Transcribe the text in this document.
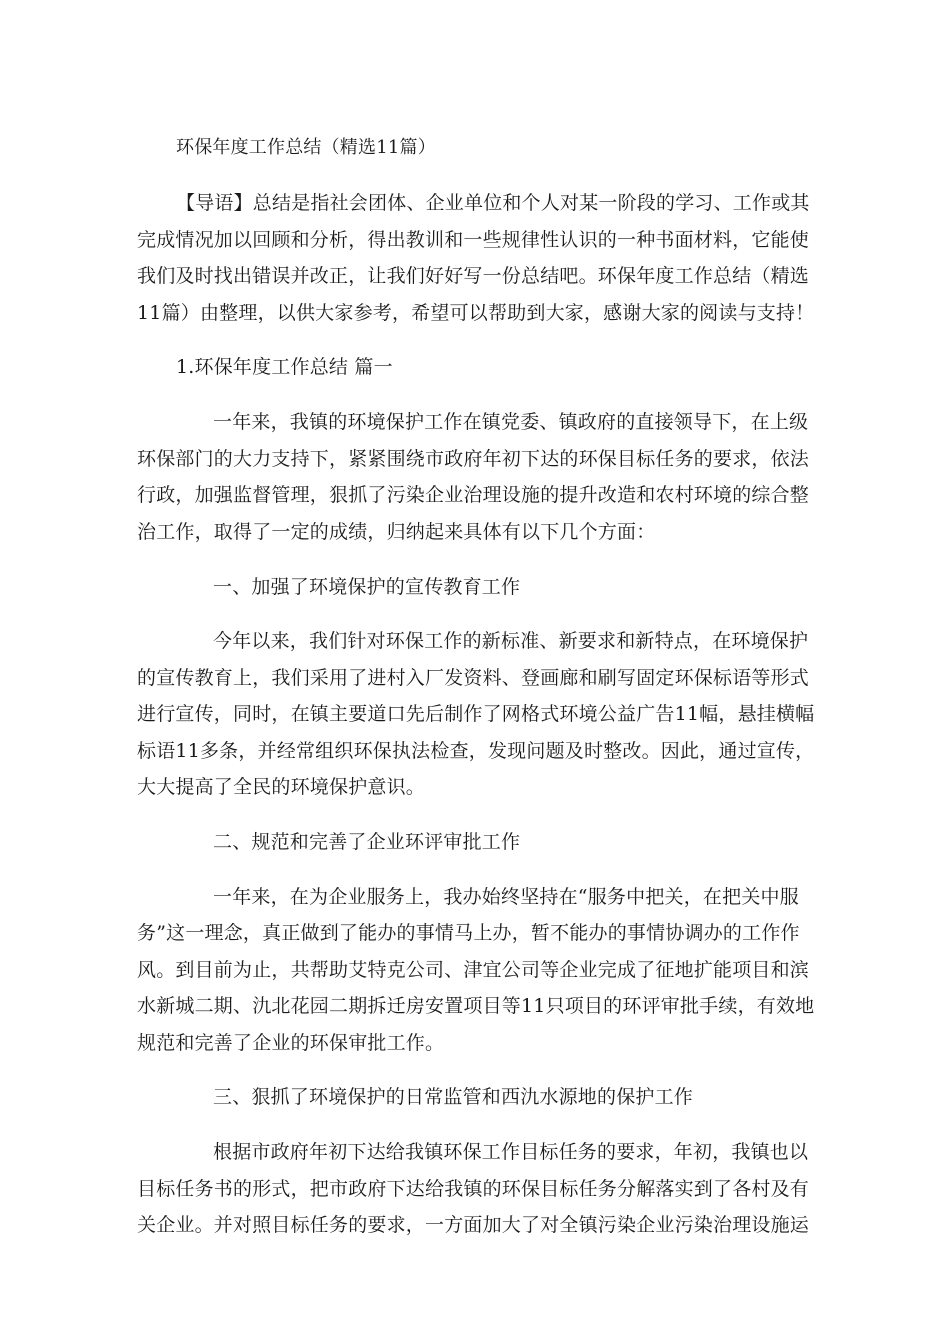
环保年度工作总结（精选11篇）
【导语】总结是指社会团体、企业单位和个人对某一阶段的学习、工作或其
完成情况加以回顾和分析，得出教训和一些规律性认识的一种书面材料，它能使
我们及时找出错误并改正，让我们好好写一份总结吧。环保年度工作总结（精选
11篇）由整理，以供大家参考，希望可以帮助到大家，感谢大家的阅读与支持！
1.环保年度工作总结 篇一
一年来，我镇的环境保护工作在镇党委、镇政府的直接领导下，在上级
环保部门的大力支持下，紧紧围绕市政府年初下达的环保目标任务的要求，依法
行政，加强监督管理，狠抓了污染企业治理设施的提升改造和农村环境的综合整
治工作，取得了一定的成绩，归纳起来具体有以下几个方面：
一、加强了环境保护的宣传教育工作
今年以来，我们针对环保工作的新标准、新要求和新特点，在环境保护
的宣传教育上，我们采用了进村入厂发资料、登画廊和刷写固定环保标语等形式
进行宣传，同时，在镇主要道口先后制作了网格式环境公益广告11幅，悬挂横幅
标语11多条，并经常组织环保执法检查，发现问题及时整改。因此，通过宣传，
大大提高了全民的环境保护意识。
二、规范和完善了企业环评审批工作
一年来，在为企业服务上，我办始终坚持在“服务中把关，在把关中服
务”这一理念，真正做到了能办的事情马上办，暂不能办的事情协调办的工作作
风。到目前为止，共帮助艾特克公司、津宜公司等企业完成了征地扩能项目和滨
水新城二期、氿北花园二期拆迁房安置项目等11只项目的环评审批手续，有效地
规范和完善了企业的环保审批工作。
三、狠抓了环境保护的日常监管和西氿水源地的保护工作
根据市政府年初下达给我镇环保工作目标任务的要求，年初，我镇也以
目标任务书的形式，把市政府下达给我镇的环保目标任务分解落实到了各村及有
关企业。并对照目标任务的要求，一方面加大了对全镇污染企业污染治理设施运
